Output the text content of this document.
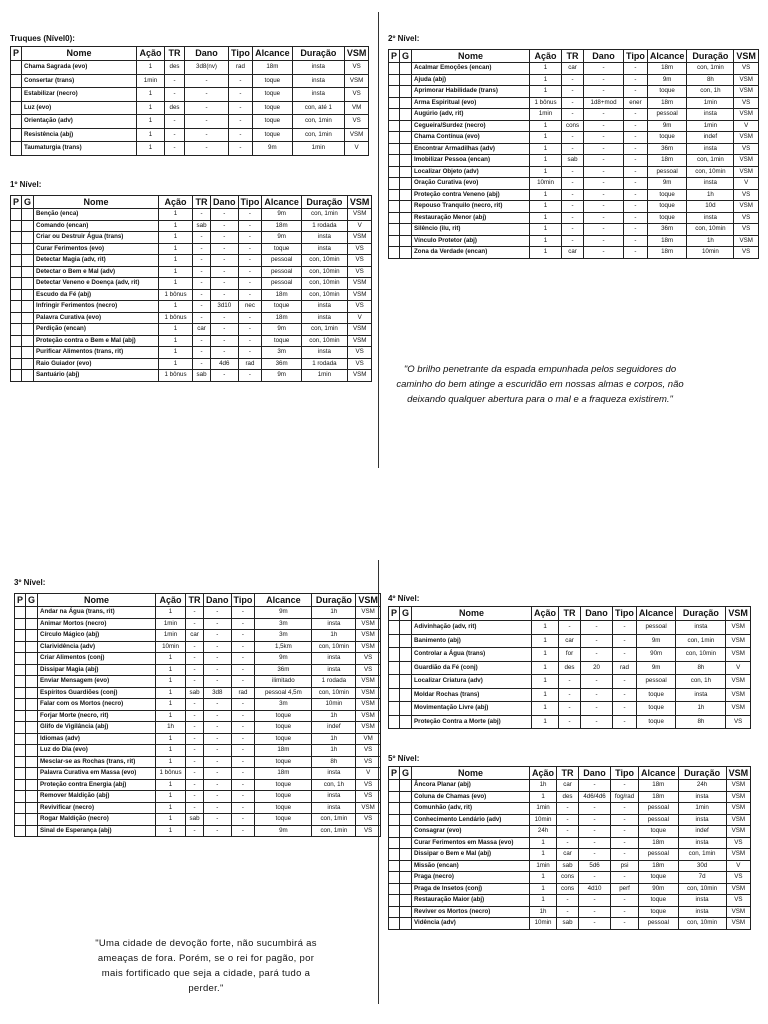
Truques (Nível0):
P	Nome	Ação	TR	Dano	Tipo	Alcance	Duração	VSM
	Chama Sagrada (evo)	1	des	3d8(nv)	rad	18m	insta	VS
	Consertar (trans)	1min	-	-	-	toque	insta	VSM
	Estabilizar (necro)	1	-	-	-	toque	insta	VS
	Luz (evo)	1	des	-	-	toque	con, até 1	VM
	Orientação (adv)	1	-	-	-	toque	con, 1min	VS
	Resistência (abj)	1	-	-	-	toque	con, 1min	VSM
	Taumaturgia (trans)	1	-	-	-	9m	1min	V
1º Nível:
P	G	Nome	Ação	TR	Dano	Tipo	Alcance	Duração	VSM
		Benção (enca)	1	-	-	-	9m	con, 1min	VSM
		Comando (encan)	1	sab	-	-	18m	1 rodada	V
		Criar ou Destruir Água (trans)	1	-	-	-	9m	insta	VSM
		Curar Ferimentos (evo)	1	-	-	-	toque	insta	VS
		Detectar Magia (adv, rit)	1	-	-	-	pessoal	con, 10min	VS
		Detectar o Bem e Mal (adv)	1	-	-	-	pessoal	con, 10min	VS
		Detectar Veneno e Doença (adv, rit)	1	-	-	-	pessoal	con, 10min	VSM
		Escudo da Fé (abj)	1 bônus	-	-	-	18m	con, 10min	VSM
		Infringir Ferimentos (necro)	1	-	3d10	nec	toque	insta	VS
		Palavra Curativa (evo)	1 bônus	-	-	-	18m	insta	V
		Perdição (encan)	1	car	-	-	9m	con, 1min	VSM
		Proteção contra o Bem e Mal (abj)	1	-	-	-	toque	con, 10min	VSM
		Purificar Alimentos (trans, rit)	1	-	-	-	3m	insta	VS
		Raio Guiador (evo)	1	-	4d6	rad	36m	1 rodada	VS
		Santuário (abj)	1 bônus	sab	-	-	9m	1min	VSM
2º Nível:
P	G	Nome	Ação	TR	Dano	Tipo	Alcance	Duração	VSM
		Acalmar Emoções (encan)	1	car	-	-	18m	con, 1min	VS
		Ajuda (abj)	1	-	-	-	9m	8h	VSM
		Aprimorar Habilidade (trans)	1	-	-	-	toque	con, 1h	VSM
		Arma Espiritual (evo)	1 bônus	-	1d8+mod	ener	18m	1min	VS
		Augúrio (adv, rit)	1min	-	-	-	pessoal	insta	VSM
		Cegueira/Surdez (necro)	1	cons	-	-	9m	1min	V
		Chama Contínua (evo)	1	-	-	-	toque	indef	VSM
		Encontrar Armadilhas (adv)	1	-	-	-	36m	insta	VS
		Imobilizar Pessoa (encan)	1	sab	-	-	18m	con, 1min	VSM
		Localizar Objeto (adv)	1	-	-	-	pessoal	con, 10min	VSM
		Oração Curativa (evo)	10min	-	-	-	9m	insta	V
		Proteção contra Veneno (abj)	1	-	-	-	toque	1h	VS
		Repouso Tranquilo (necro, rit)	1	-	-	-	toque	10d	VSM
		Restauração Menor (abj)	1	-	-	-	toque	insta	VS
		Silêncio (ilu, rit)	1	-	-	-	36m	con, 10min	VS
		Vínculo Protetor (abj)	1	-	-	-	18m	1h	VSM
		Zona da Verdade (encan)	1	car	-	-	18m	10min	VS
"O brilho penetrante da espada empunhada pelos seguidores do caminho do bem atinge a escuridão em nossas almas e corpos, não deixando qualquer abertura para o mal e a fraqueza existirem."
3º Nível:
P	G	Nome	Ação	TR	Dano	Tipo	Alcance	Duração	VSM
		Andar na Água (trans, rit)	1	-	-	-	9m	1h	VSM
		Animar Mortos (necro)	1min	-	-	-	3m	insta	VSM
		Círculo Mágico (abj)	1min	car	-	-	3m	1h	VSM
		Clarividência (adv)	10min	-	-	-	1,5km	con, 10min	VSM
		Criar Alimentos (conj)	1	-	-	-	9m	insta	VS
		Dissipar Magia (abj)	1	-	-	-	36m	insta	VS
		Enviar Mensagem (evo)	1	-	-	-	ilimitado	1 rodada	VSM
		Espíritos Guardiões (conj)	1	sab	3d8	rad	pessoal 4,5m	con, 10min	VSM
		Falar com os Mortos (necro)	1	-	-	-	3m	10min	VSM
		Forjar Morte (necro, rit)	1	-	-	-	toque	1h	VSM
		Glifo de Vigilância (abj)	1h	-	-	-	toque	indef	VSM
		Idiomas (adv)	1	-	-	-	toque	1h	VM
		Luz do Dia (evo)	1	-	-	-	18m	1h	VS
		Mesclar-se as Rochas (trans, rit)	1	-	-	-	toque	8h	VS
		Palavra Curativa em Massa (evo)	1 bônus	-	-	-	18m	insta	V
		Proteção contra Energia (abj)	1	-	-	-	toque	con, 1h	VS
		Remover Maldição (abj)	1	-	-	-	toque	insta	VS
		Revivificar (necro)	1	-	-	-	toque	insta	VSM
		Rogar Maldição (necro)	1	sab	-	-	toque	con, 1min	VS
		Sinal de Esperança (abj)	1	-	-	-	9m	con, 1min	VS
"Uma cidade de devoção forte, não sucumbirá as ameaças de fora. Porém, se o rei for pagão, por mais fortificado que seja a cidade, pará tudo a perder."
4º Nível:
P	G	Nome	Ação	TR	Dano	Tipo	Alcance	Duração	VSM
		Adivinhação (adv, rit)	1	-	-	-	pessoal	insta	VSM
		Banimento (abj)	1	car	-	-	9m	con, 1min	VSM
		Controlar a Água (trans)	1	for	-	-	90m	con, 10min	VSM
		Guardião da Fé (conj)	1	des	20	rad	9m	8h	V
		Localizar Criatura (adv)	1	-	-	-	pessoal	con, 1h	VSM
		Moldar Rochas (trans)	1	-	-	-	toque	insta	VSM
		Movimentação Livre (abj)	1	-	-	-	toque	1h	VSM
		Proteção Contra a Morte (abj)	1	-	-	-	toque	8h	VS
5º Nível:
P	G	Nome	Ação	TR	Dano	Tipo	Alcance	Duração	VSM
		Âncora Planar (abj)	1h	car	-	-	18m	24h	VSM
		Coluna de Chamas (evo)	1	des	4d6/4d6	fog/rad	18m	insta	VSM
		Comunhão (adv, rit)	1min	-	-	-	pessoal	1min	VSM
		Conhecimento Lendário (adv)	10min	-	-	-	pessoal	insta	VSM
		Consagrar (evo)	24h	-	-	-	toque	indef	VSM
		Curar Ferimentos em Massa (evo)	1	-	-	-	18m	insta	VS
		Dissipar o Bem e Mal (abj)	1	car	-	-	pessoal	con, 1min	VSM
		Missão (encan)	1min	sab	5d6	psi	18m	30d	V
		Praga (necro)	1	cons	-	-	toque	7d	VS
		Praga de Insetos (conj)	1	cons	4d10	perf	90m	con, 10min	VSM
		Restauração Maior (abj)	1	-	-	-	toque	insta	VS
		Reviver os Mortos (necro)	1h	-	-	-	toque	insta	VSM
		Vidência (adv)	10min	sab	-	-	pessoal	con, 10min	VSM
